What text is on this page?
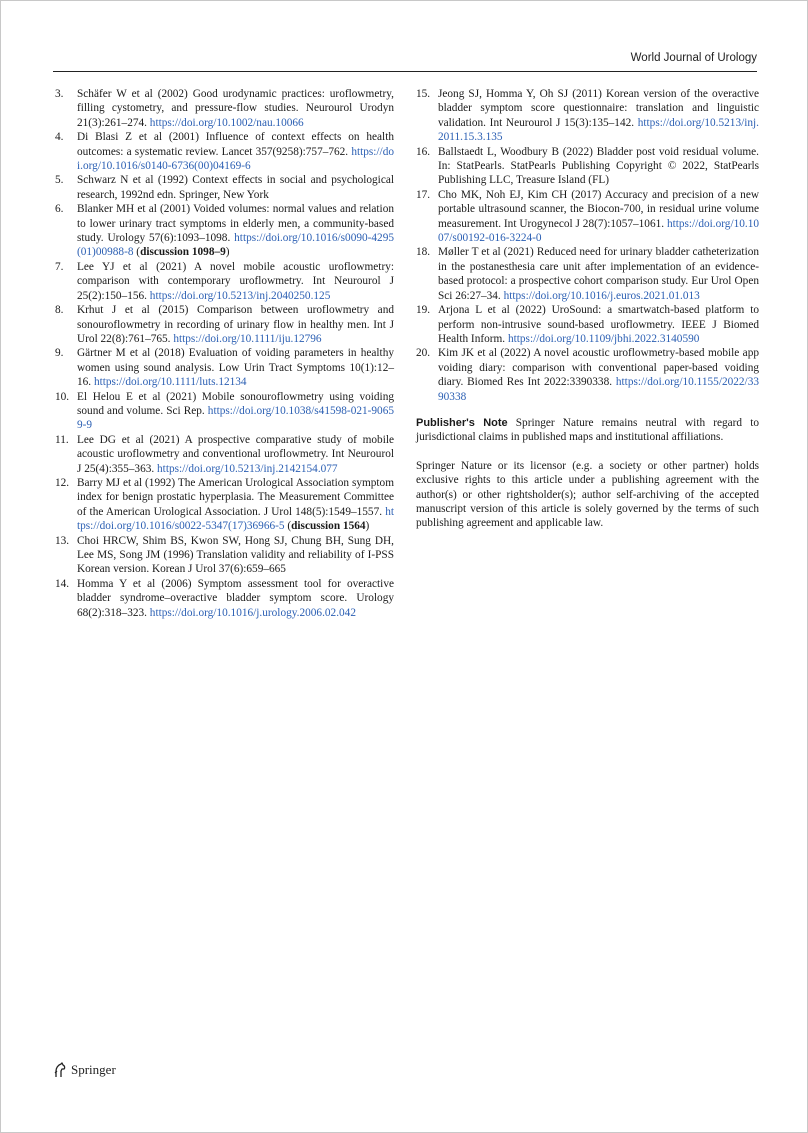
World Journal of Urology
3.	Schäfer W et al (2002) Good urodynamic practices: uroflowmetry, filling cystometry, and pressure-flow studies. Neurourol Urodyn 21(3):261–274. https://doi.org/10.1002/nau.10066
4.	Di Blasi Z et al (2001) Influence of context effects on health outcomes: a systematic review. Lancet 357(9258):757–762. https://doi.org/10.1016/s0140-6736(00)04169-6
5.	Schwarz N et al (1992) Context effects in social and psychological research, 1992nd edn. Springer, New York
6.	Blanker MH et al (2001) Voided volumes: normal values and relation to lower urinary tract symptoms in elderly men, a community-based study. Urology 57(6):1093–1098. https://doi.org/10.1016/s0090-4295(01)00988-8 (discussion 1098–9)
7.	Lee YJ et al (2021) A novel mobile acoustic uroflowmetry: comparison with contemporary uroflowmetry. Int Neurourol J 25(2):150–156. https://doi.org/10.5213/inj.2040250.125
8.	Krhut J et al (2015) Comparison between uroflowmetry and sonouroflowmetry in recording of urinary flow in healthy men. Int J Urol 22(8):761–765. https://doi.org/10.1111/iju.12796
9.	Gärtner M et al (2018) Evaluation of voiding parameters in healthy women using sound analysis. Low Urin Tract Symptoms 10(1):12–16. https://doi.org/10.1111/luts.12134
10. El Helou E et al (2021) Mobile sonouroflowmetry using voiding sound and volume. Sci Rep. https://doi.org/10.1038/s41598-021-90659-9
11. Lee DG et al (2021) A prospective comparative study of mobile acoustic uroflowmetry and conventional uroflowmetry. Int Neurourol J 25(4):355–363. https://doi.org/10.5213/inj.2142154.077
12. Barry MJ et al (1992) The American Urological Association symptom index for benign prostatic hyperplasia. The Measurement Committee of the American Urological Association. J Urol 148(5):1549–1557. https://doi.org/10.1016/s0022-5347(17)36966-5 (discussion 1564)
13. Choi HRCW, Shim BS, Kwon SW, Hong SJ, Chung BH, Sung DH, Lee MS, Song JM (1996) Translation validity and reliability of I-PSS Korean version. Korean J Urol 37(6):659–665
14. Homma Y et al (2006) Symptom assessment tool for overactive bladder syndrome–overactive bladder symptom score. Urology 68(2):318–323. https://doi.org/10.1016/j.urology.2006.02.042
15. Jeong SJ, Homma Y, Oh SJ (2011) Korean version of the overactive bladder symptom score questionnaire: translation and linguistic validation. Int Neurourol J 15(3):135–142. https://doi.org/10.5213/inj.2011.15.3.135
16. Ballstaedt L, Woodbury B (2022) Bladder post void residual volume. In: StatPearls. StatPearls Publishing Copyright © 2022, StatPearls Publishing LLC, Treasure Island (FL)
17. Cho MK, Noh EJ, Kim CH (2017) Accuracy and precision of a new portable ultrasound scanner, the Biocon-700, in residual urine volume measurement. Int Urogynecol J 28(7):1057–1061. https://doi.org/10.1007/s00192-016-3224-0
18. Møller T et al (2021) Reduced need for urinary bladder catheterization in the postanesthesia care unit after implementation of an evidence-based protocol: a prospective cohort comparison study. Eur Urol Open Sci 26:27–34. https://doi.org/10.1016/j.euros.2021.01.013
19. Arjona L et al (2022) UroSound: a smartwatch-based platform to perform non-intrusive sound-based uroflowmetry. IEEE J Biomed Health Inform. https://doi.org/10.1109/jbhi.2022.3140590
20. Kim JK et al (2022) A novel acoustic uroflowmetry-based mobile app voiding diary: comparison with conventional paper-based voiding diary. Biomed Res Int 2022:3390338. https://doi.org/10.1155/2022/3390338
Publisher's Note Springer Nature remains neutral with regard to jurisdictional claims in published maps and institutional affiliations.
Springer Nature or its licensor (e.g. a society or other partner) holds exclusive rights to this article under a publishing agreement with the author(s) or other rightsholder(s); author self-archiving of the accepted manuscript version of this article is solely governed by the terms of such publishing agreement and applicable law.
Springer
